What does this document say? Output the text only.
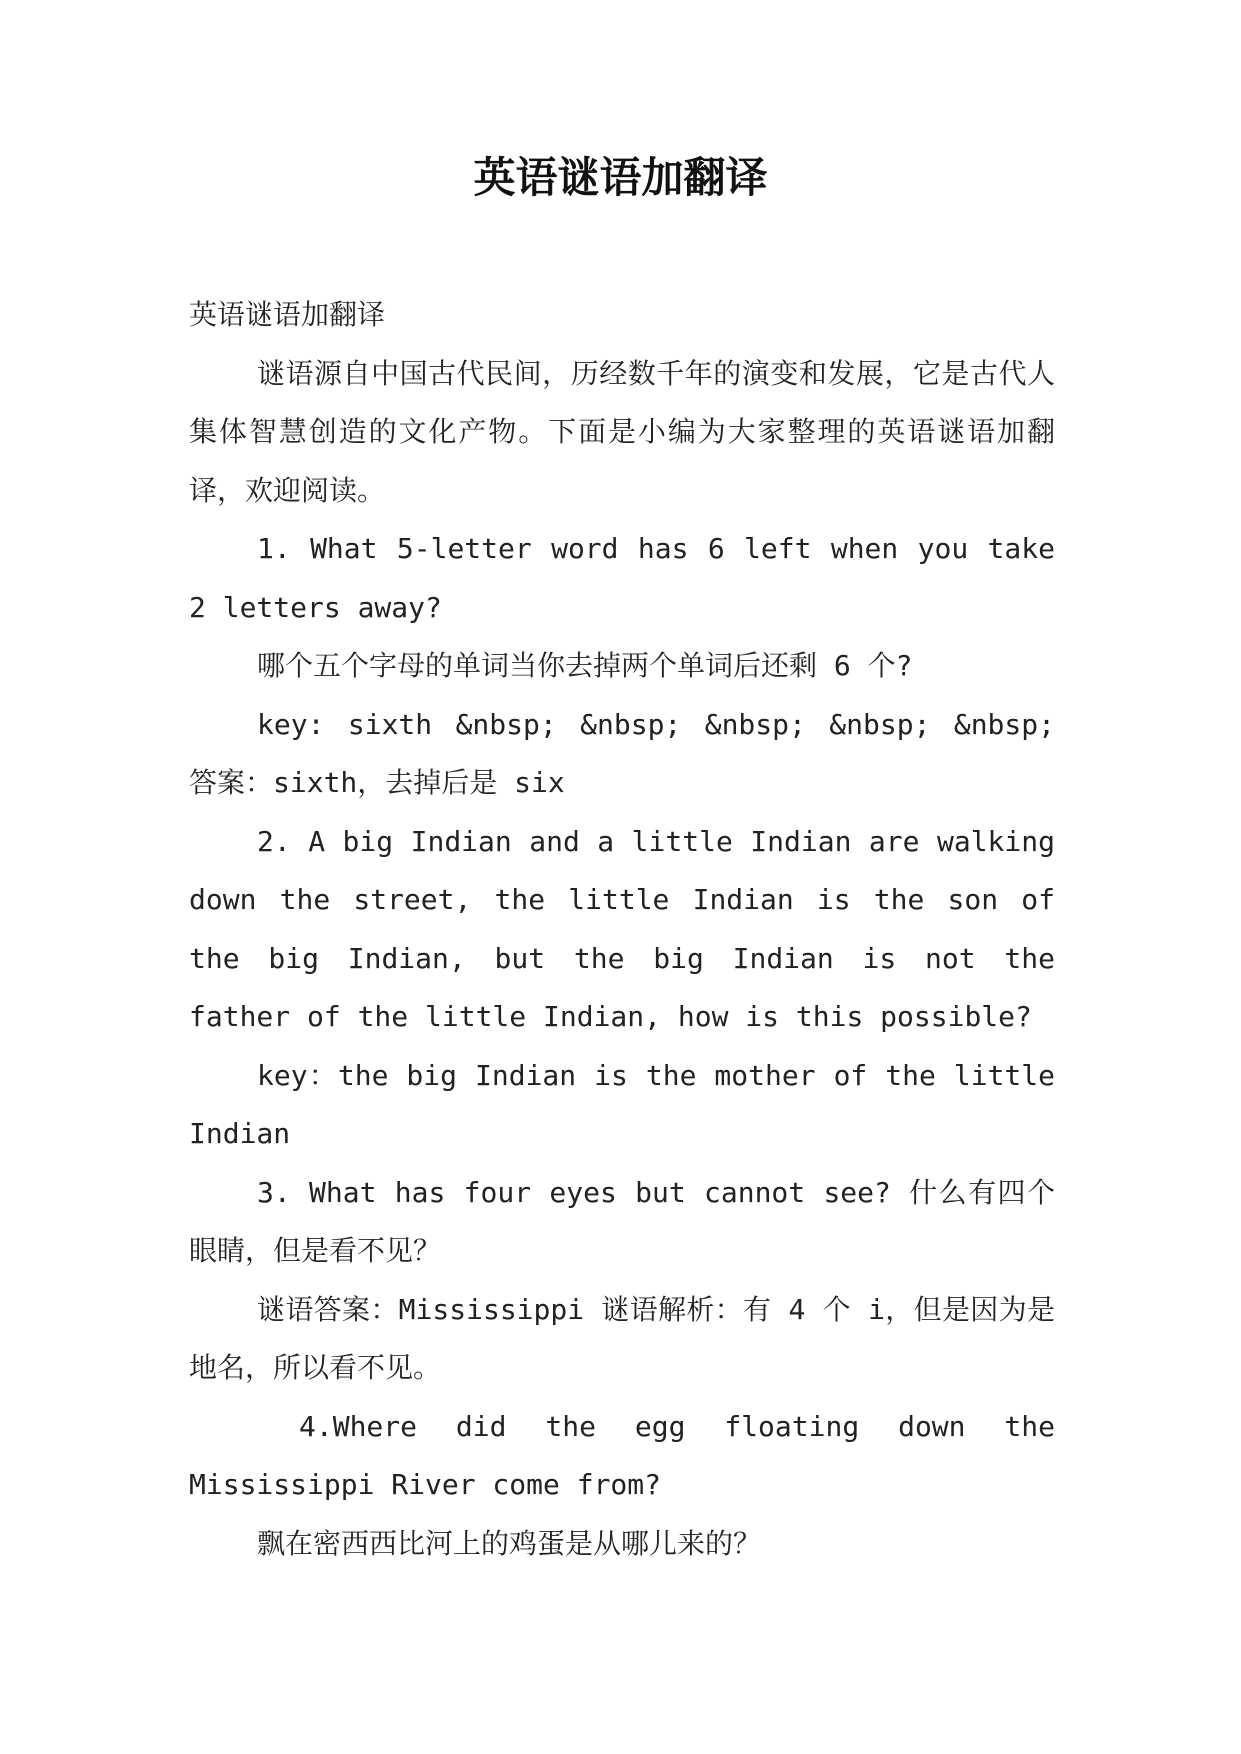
英语谜语加翻译

英语谜语加翻译

谜语源自中国古代民间，历经数千年的演变和发展，它是古代人集体智慧创造的文化产物。下面是小编为大家整理的英语谜语加翻译，欢迎阅读。

1. What 5-letter word has 6 left when you take 2 letters away?

哪个五个字母的单词当你去掉两个单词后还剩 6 个?

key: sixth &nbsp; &nbsp; &nbsp; &nbsp; &nbsp; 答案：sixth，去掉后是 six

2. A big Indian and a little Indian are walking down the street, the little Indian is the son of the big Indian, but the big Indian is not the father of the little Indian, how is this possible?

key：the big Indian is the mother of the little Indian

3. What has four eyes but cannot see? 什么有四个眼睛，但是看不见？

谜语答案：Mississippi 谜语解析：有 4 个 i，但是因为是地名，所以看不见。

4.Where did the egg floating down the Mississippi River come from?

飘在密西西比河上的鸡蛋是从哪儿来的？
